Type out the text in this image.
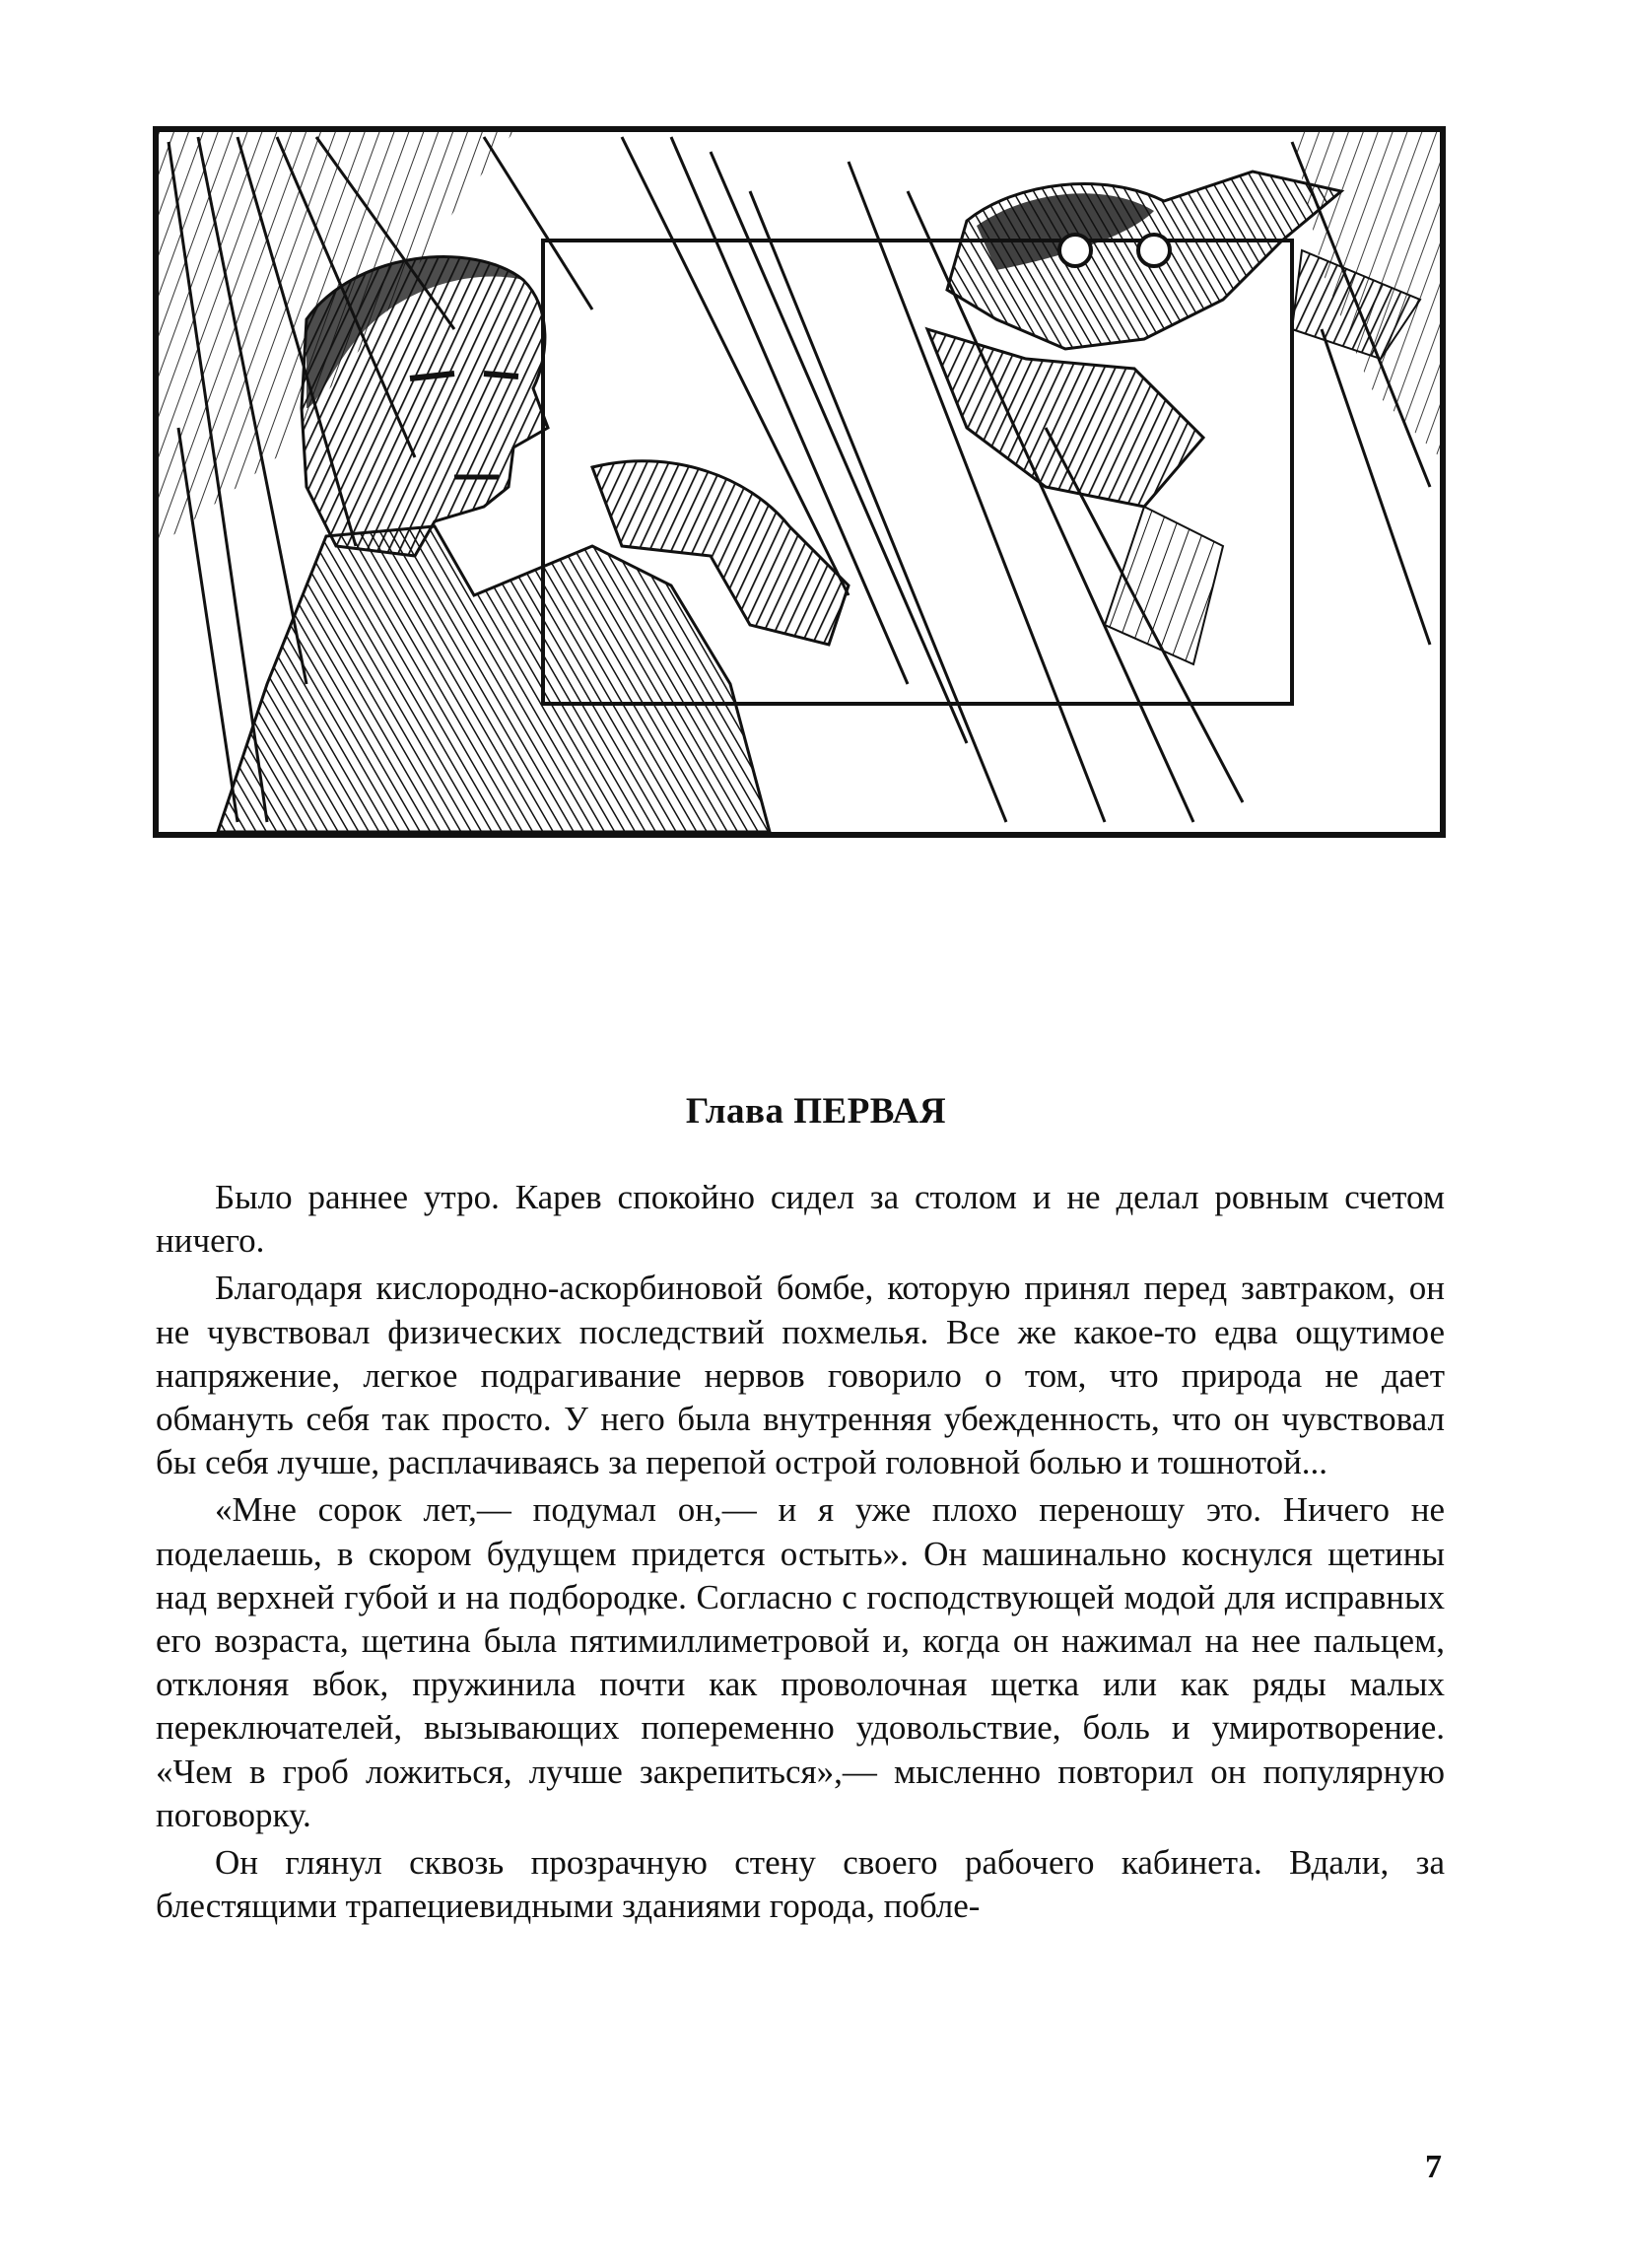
Глава ПЕРВАЯ

Было раннее утро. Карев спокойно сидел за столом и не делал ровным счетом ничего.

Благодаря кислородно-аскорбиновой бомбе, которую принял перед завтраком, он не чувствовал физических последствий похмелья. Все же какое-то едва ощутимое напряжение, легкое подрагивание нервов говорило о том, что природа не дает обмануть себя так просто. У него была внутренняя убежденность, что он чувствовал бы себя лучше, расплачиваясь за перепой острой головной болью и тошнотой...

«Мне сорок лет,— подумал он,— и я уже плохо переношу это. Ничего не поделаешь, в скором будущем придется остыть». Он машинально коснулся щетины над верхней губой и на подбородке. Согласно с господствующей модой для исправных его возраста, щетина была пятимиллиметровой и, когда он нажимал на нее пальцем, отклоняя вбок, пружинила почти как проволочная щетка или как ряды малых переключателей, вызывающих попеременно удовольствие, боль и умиротворение. «Чем в гроб ложиться, лучше закрепиться»,— мысленно повторил он популярную поговорку.

Он глянул сквозь прозрачную стену своего рабочего кабинета. Вдали, за блестящими трапециевидными зданиями города, побле-

7
